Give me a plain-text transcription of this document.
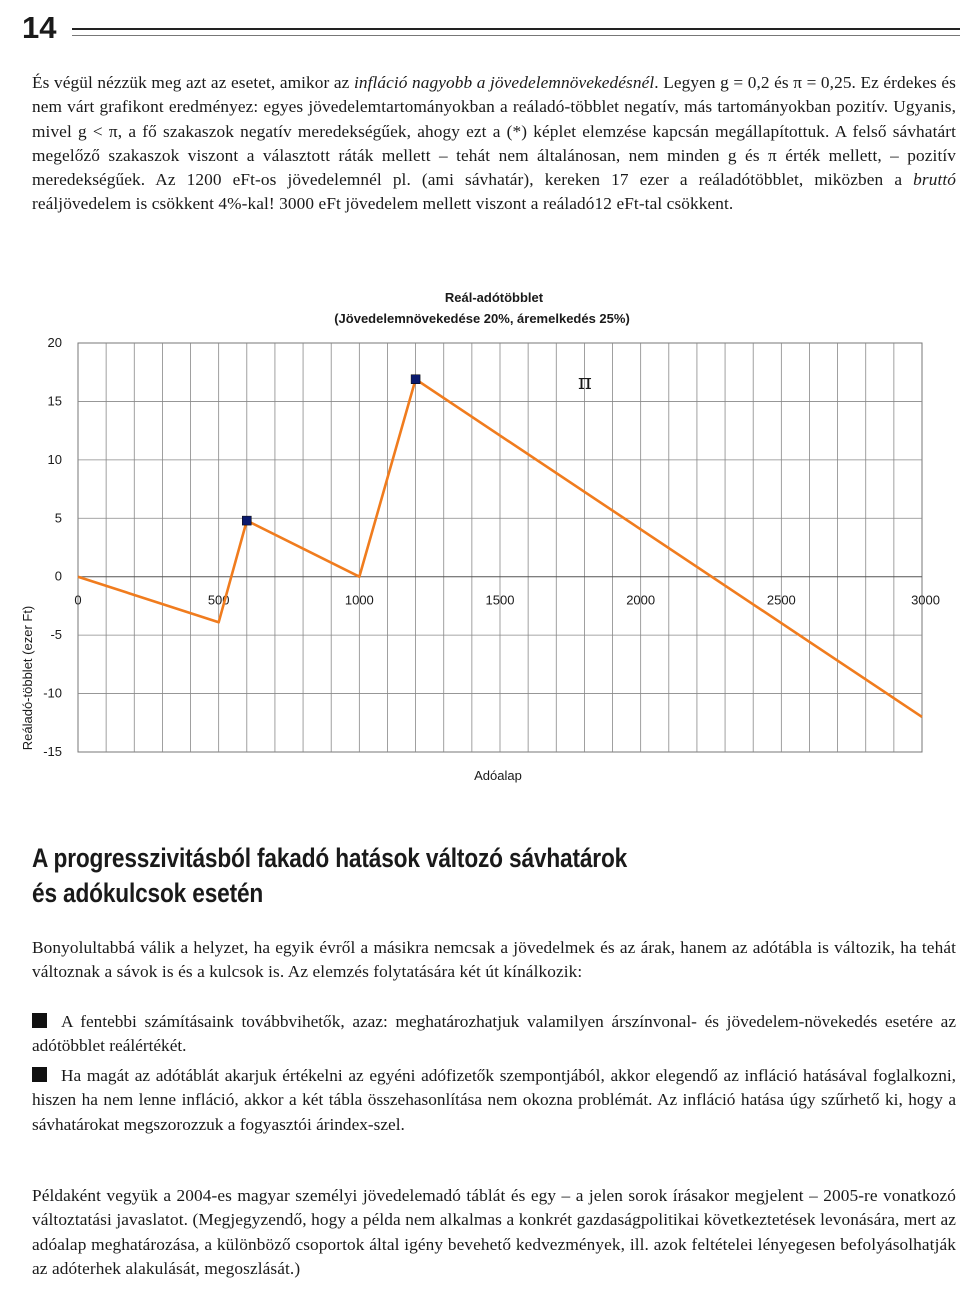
14
És végül nézzük meg azt az esetet, amikor az infláció nagyobb a jövedelemnövekedésnél. Legyen g = 0,2 és π = 0,25. Ez érdekes és nem várt grafikont eredményez: egyes jövedelemtartományokban a reáladó-többlet negatív, más tartományokban pozitív. Ugyanis, mivel g < π, a fő szakaszok negatív meredekségűek, ahogy ezt a (*) képlet elemzése kapcsán megállapítottuk. A felső sávhatárt megelőző szakaszok viszont a választott ráták mellett – tehát nem általánosan, nem minden g és π érték mellett, – pozitív meredekségűek. Az 1200 eFt-os jövedelemnél pl. (ami sávhatár), kereken 17 ezer a reáladótöbblet, miközben a bruttó reáljövedelem is csökkent 4%-kal! 3000 eFt jövedelem mellett viszont a reáladó12 eFt-tal csökkent.
Reál-adótöbblet
(Jövedelemnövekedése 20%, áremelkedés 25%)
-15
-10
-5
0
5
10
15
20
0	500	1000	1500	2000	2500	3000
Reáladó-többlet (ezer Ft)
Adóalap
π
A progresszivitásból fakadó hatások változó sávhatárok
és adókulcsok esetén
Bonyolultabbá válik a helyzet, ha egyik évről a másikra nemcsak a jövedelmek és az árak, hanem az adótábla is változik, ha tehát változnak a sávok is és a kulcsok is. Az elemzés folytatására két út kínálkozik:
A fentebbi számításaink továbbvihetők, azaz: meghatározhatjuk valamilyen árszínvonal- és jövedelem-növekedés esetére az adótöbblet reálértékét.
Ha magát az adótáblát akarjuk értékelni az egyéni adófizetők szempontjából, akkor elegendő az infláció hatásával foglalkozni, hiszen ha nem lenne infláció, akkor a két tábla összehasonlítása nem okozna problémát. Az infláció hatása úgy szűrhető ki, hogy a sávhatárokat megszorozzuk a fogyasztói árindex-szel.
Példaként vegyük a 2004-es magyar személyi jövedelemadó táblát és egy – a jelen sorok írásakor megjelent – 2005-re vonatkozó változtatási javaslatot. (Megjegyzendő, hogy a példa nem alkalmas a konkrét gazdaságpolitikai következtetések levonására, mert az adóalap meghatározása, a különböző csoportok által igény bevehető kedvezmények, ill. azok feltételei lényegesen befolyásolhatják az adóterhek alakulását, megoszlását.)
